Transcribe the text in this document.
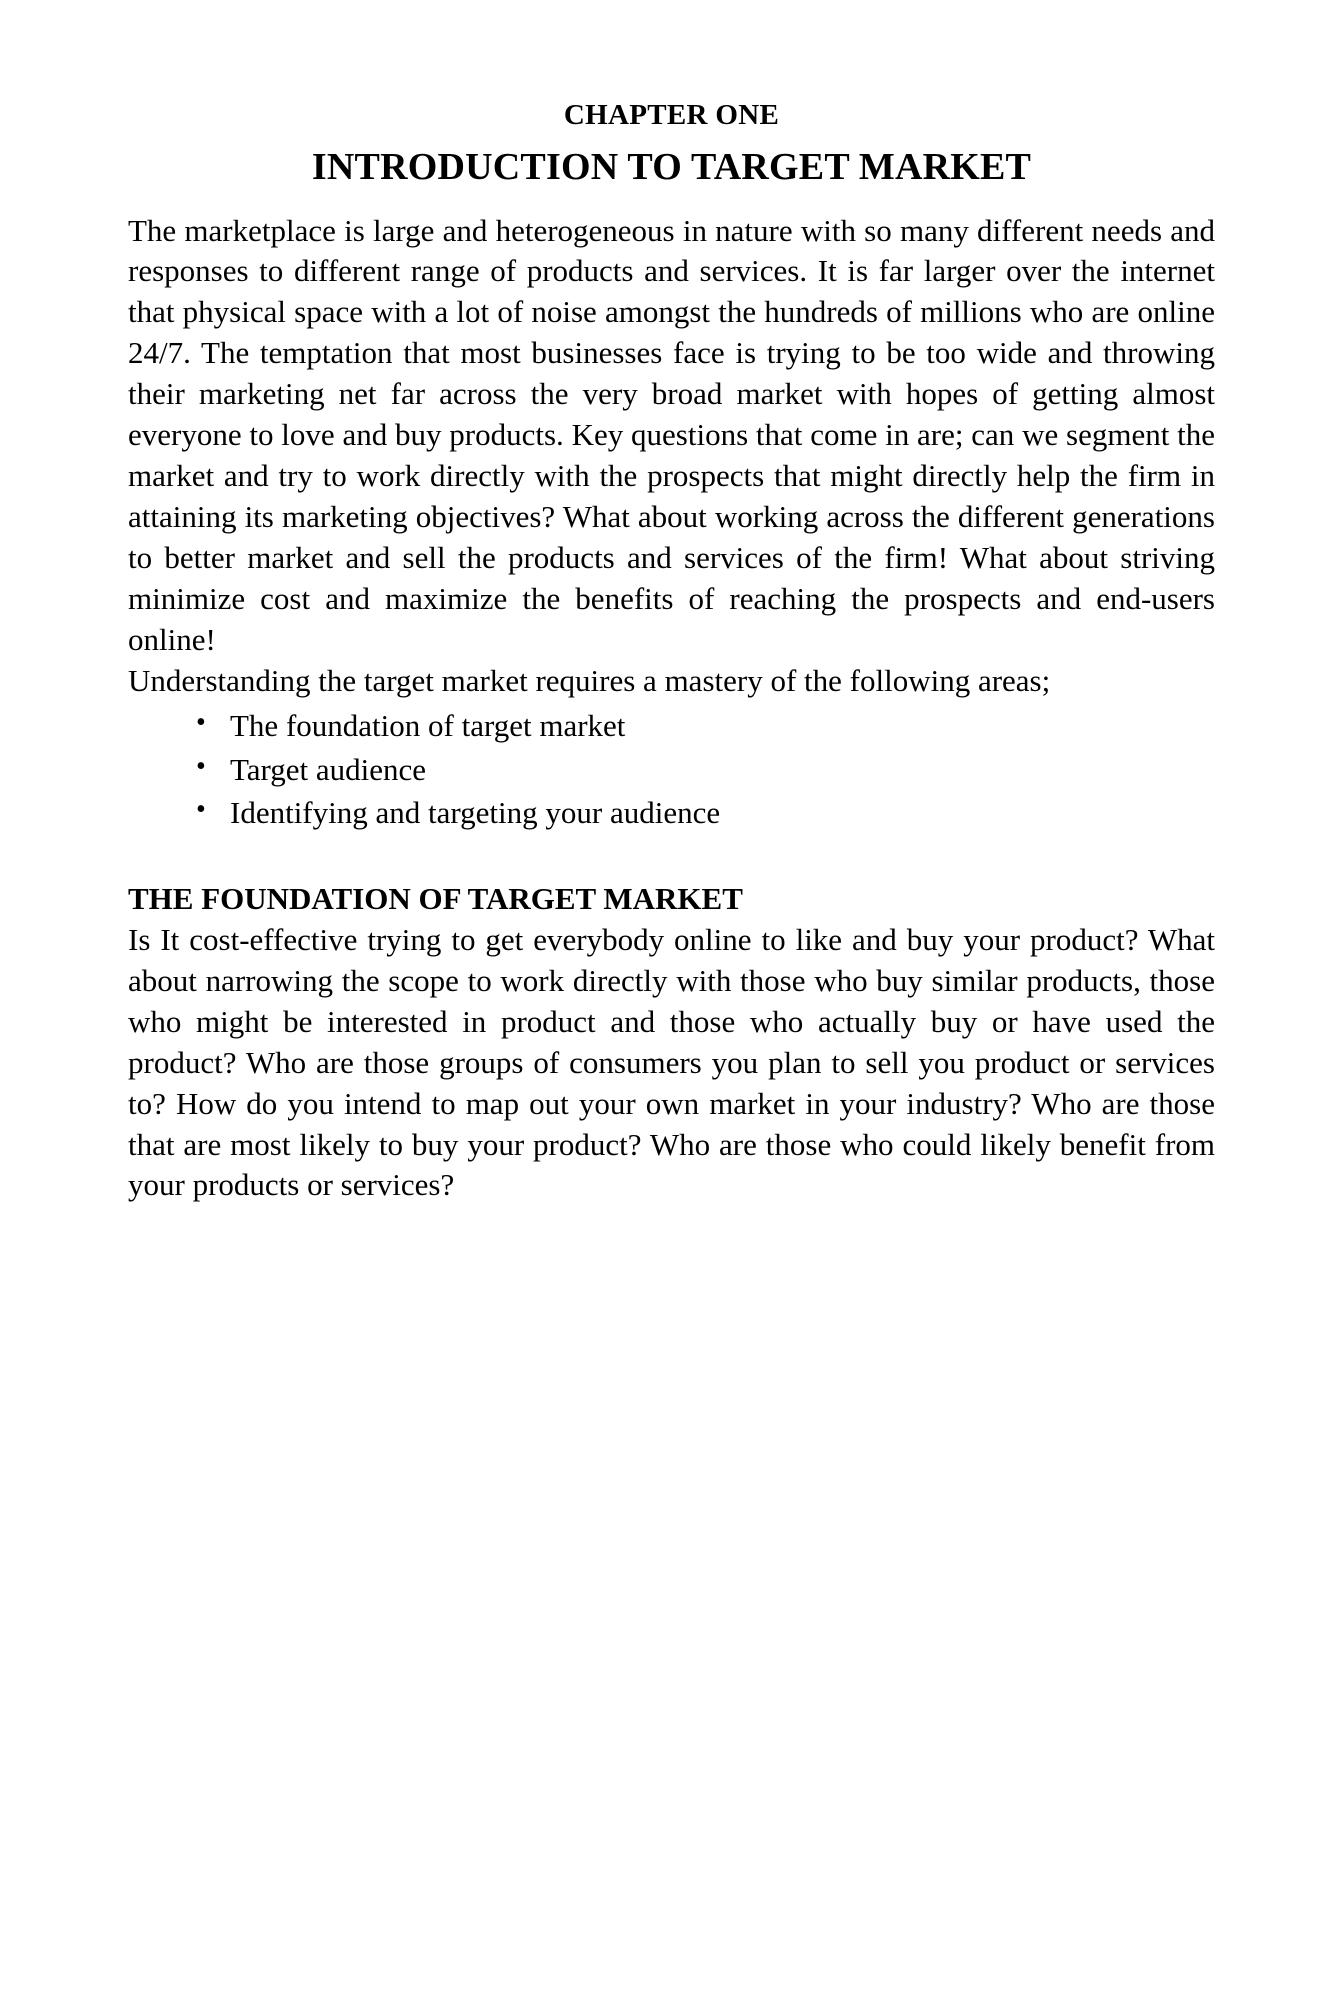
CHAPTER ONE
INTRODUCTION TO TARGET MARKET

The marketplace is large and heterogeneous in nature with so many different needs and responses to different range of products and services. It is far larger over the internet that physical space with a lot of noise amongst the hundreds of millions who are online 24/7. The temptation that most businesses face is trying to be too wide and throwing their marketing net far across the very broad market with hopes of getting almost everyone to love and buy products. Key questions that come in are; can we segment the market and try to work directly with the prospects that might directly help the firm in attaining its marketing objectives? What about working across the different generations to better market and sell the products and services of the firm! What about striving minimize cost and maximize the benefits of reaching the prospects and end-users online!

Understanding the target market requires a mastery of the following areas;

• The foundation of target market
• Target audience
• Identifying and targeting your audience
THE FOUNDATION OF TARGET MARKET

Is It cost-effective trying to get everybody online to like and buy your product? What about narrowing the scope to work directly with those who buy similar products, those who might be interested in product and those who actually buy or have used the product? Who are those groups of consumers you plan to sell you product or services to? How do you intend to map out your own market in your industry? Who are those that are most likely to buy your product? Who are those who could likely benefit from your products or services?
